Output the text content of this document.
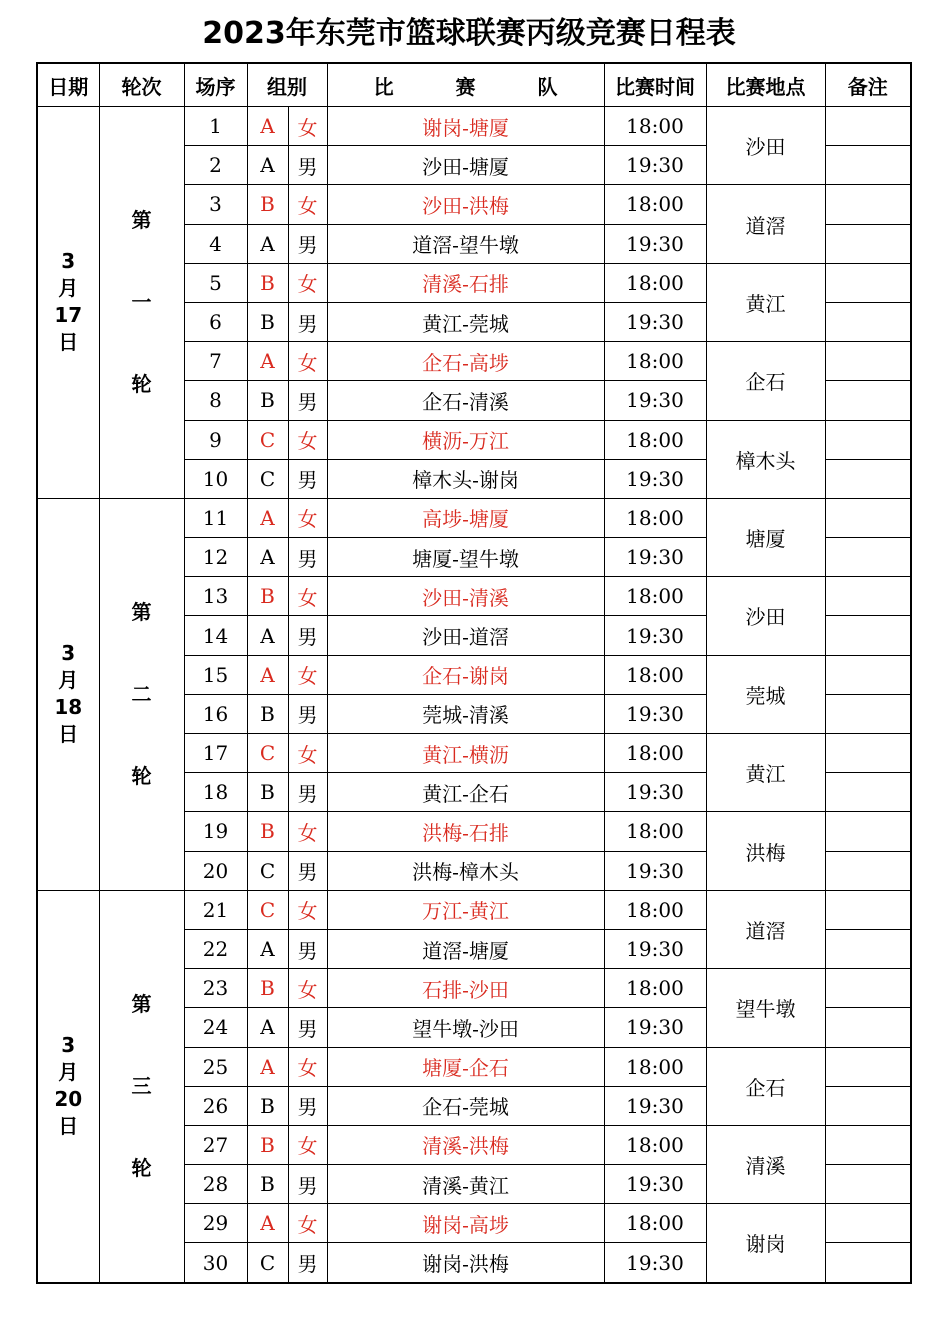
2023年东莞市篮球联赛丙级竞赛日程表
日期	轮次	场序	组别		比 赛 队	比赛时间	比赛地点	备注

3
月
17
日	第
一
轮	1	A	女	谢岗-塘厦	18:00	沙田	
		2	A	男	沙田-塘厦	19:30		
		3	B	女	沙田-洪梅	18:00	道滘	
		4	A	男	道滘-望牛墩	19:30		
		5	B	女	清溪-石排	18:00	黄江	
		6	B	男	黄江-莞城	19:30		
		7	A	女	企石-高埗	18:00	企石	
		8	B	男	企石-清溪	19:30		
		9	C	女	横沥-万江	18:00	樟木头	
		10	C	男	樟木头-谢岗	19:30		

3
月
18
日	第
二
轮	11	A	女	高埗-塘厦	18:00	塘厦	
		12	A	男	塘厦-望牛墩	19:30		
		13	B	女	沙田-清溪	18:00	沙田	
		14	A	男	沙田-道滘	19:30		
		15	A	女	企石-谢岗	18:00	莞城	
		16	B	男	莞城-清溪	19:30		
		17	C	女	黄江-横沥	18:00	黄江	
		18	B	男	黄江-企石	19:30		
		19	B	女	洪梅-石排	18:00	洪梅	
		20	C	男	洪梅-樟木头	19:30		

3
月
20
日	第
三
轮	21	C	女	万江-黄江	18:00	道滘	
		22	A	男	道滘-塘厦	19:30		
		23	B	女	石排-沙田	18:00	望牛墩	
		24	A	男	望牛墩-沙田	19:30		
		25	A	女	塘厦-企石	18:00	企石	
		26	B	男	企石-莞城	19:30		
		27	B	女	清溪-洪梅	18:00	清溪	
		28	B	男	清溪-黄江	19:30		
		29	A	女	谢岗-高埗	18:00	谢岗	
		30	C	男	谢岗-洪梅	19:30		
